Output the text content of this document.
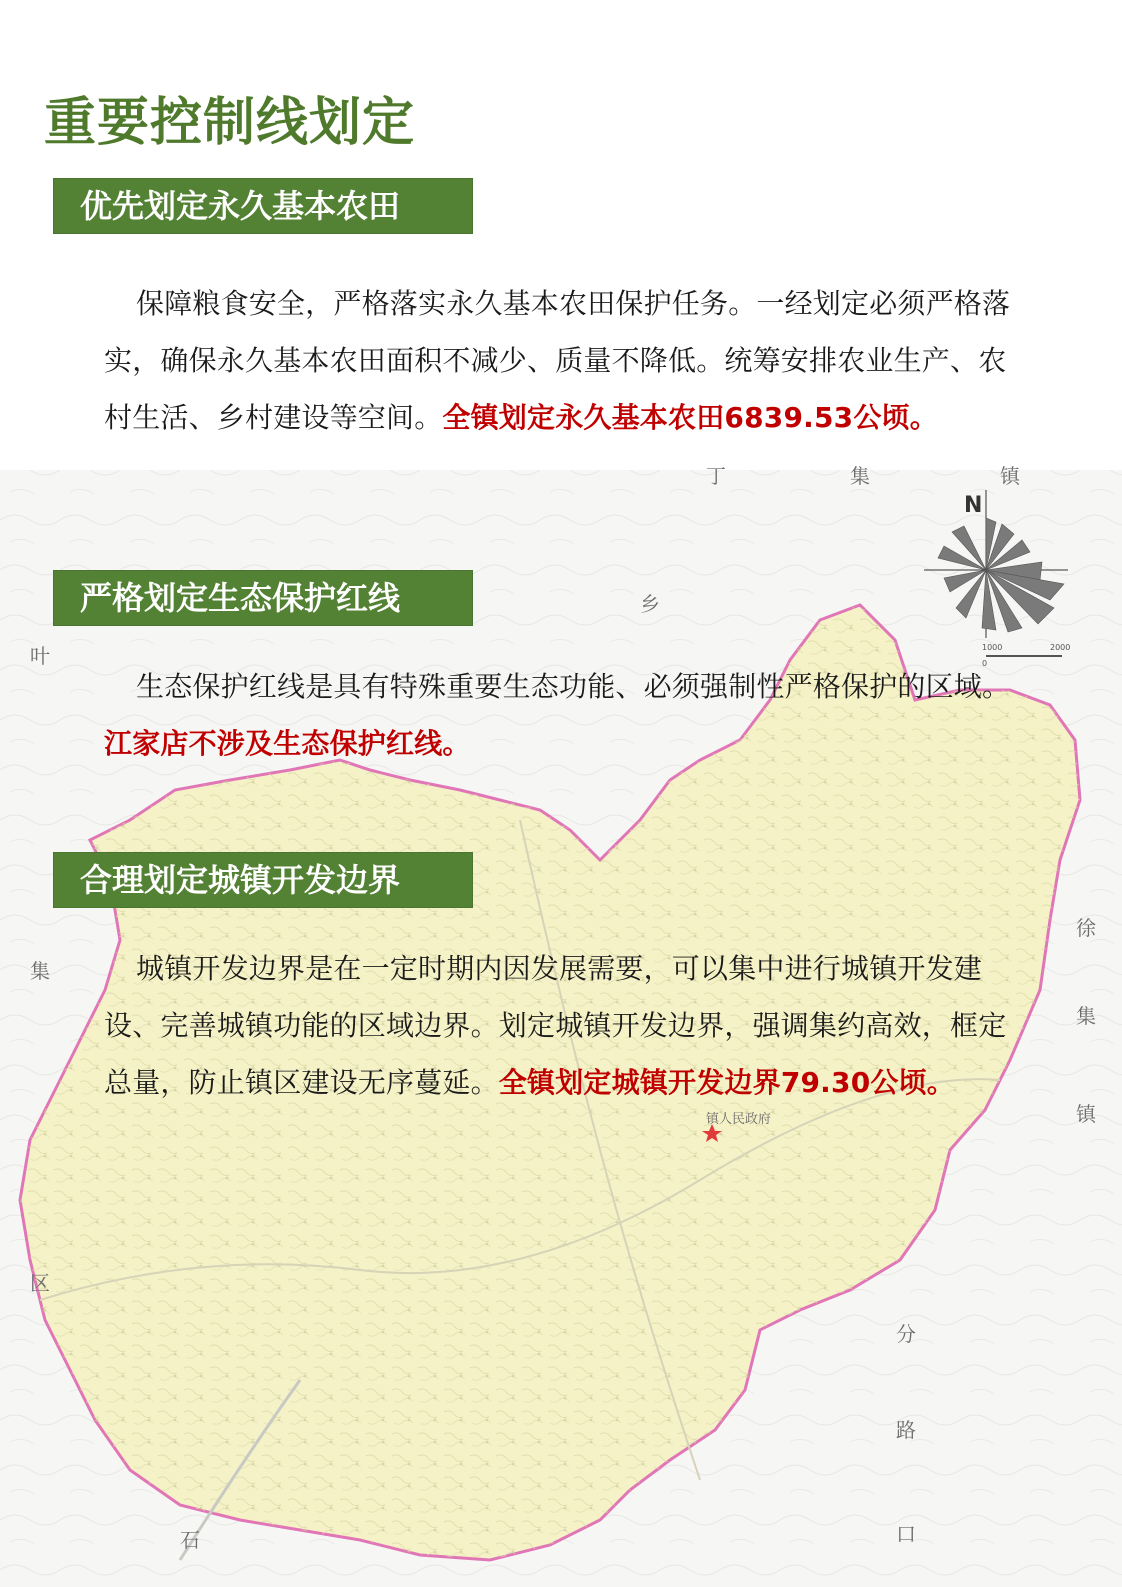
丁	集	镇
乡
叶
集
区
徐
集
镇
分
路
口
石
镇人民政府
N
0
1000	2000
重要控制线划定
优先划定永久基本农田

保障粮食安全，严格落实永久基本农田保护任务。一经划定必须严格落实，确保永久基本农田面积不减少、质量不降低。统筹安排农业生产、农村生活、乡村建设等空间。全镇划定永久基本农田6839.53公顷。

严格划定生态保护红线

生态保护红线是具有特殊重要生态功能、必须强制性严格保护的区域。江家店不涉及生态保护红线。

合理划定城镇开发边界

城镇开发边界是在一定时期内因发展需要，可以集中进行城镇开发建设、完善城镇功能的区域边界。划定城镇开发边界，强调集约高效，框定总量，防止镇区建设无序蔓延。全镇划定城镇开发边界79.30公顷。
